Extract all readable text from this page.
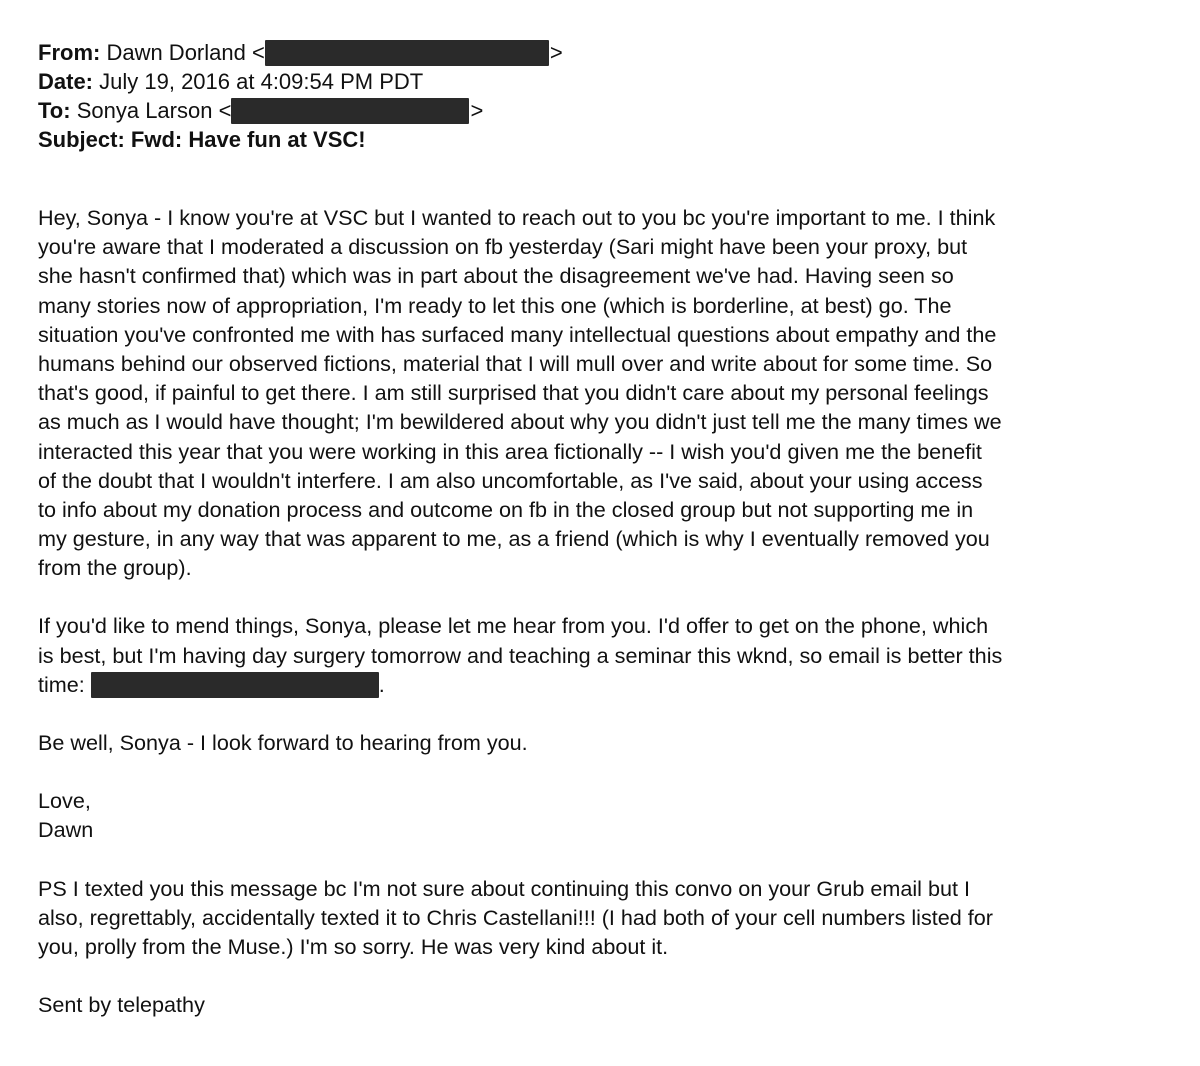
From: Dawn Dorland <	>
Date: July 19, 2016 at 4:09:54 PM PDT
To: Sonya Larson <	>
Subject: Fwd: Have fun at VSC!
Hey, Sonya - I know you're at VSC but I wanted to reach out to you bc you're important to me. I think
you're aware that I moderated a discussion on fb yesterday (Sari might have been your proxy, but
she hasn't confirmed that) which was in part about the disagreement we've had. Having seen so
many stories now of appropriation, I'm ready to let this one (which is borderline, at best) go. The
situation you've confronted me with has surfaced many intellectual questions about empathy and the
humans behind our observed fictions, material that I will mull over and write about for some time. So
that's good, if painful to get there. I am still surprised that you didn't care about my personal feelings
as much as I would have thought; I'm bewildered about why you didn't just tell me the many times we
interacted this year that you were working in this area fictionally -- I wish you'd given me the benefit
of the doubt that I wouldn't interfere. I am also uncomfortable, as I've said, about your using access
to info about my donation process and outcome on fb in the closed group but not supporting me in
my gesture, in any way that was apparent to me, as a friend (which is why I eventually removed you
from the group).
If you'd like to mend things, Sonya, please let me hear from you. I'd offer to get on the phone, which
is best, but I'm having day surgery tomorrow and teaching a seminar this wknd, so email is better this
time:	.
Be well, Sonya - I look forward to hearing from you.
Love,
Dawn
PS I texted you this message bc I'm not sure about continuing this convo on your Grub email but I
also, regrettably, accidentally texted it to Chris Castellani!!! (I had both of your cell numbers listed for
you, prolly from the Muse.) I'm so sorry. He was very kind about it.
Sent by telepathy
